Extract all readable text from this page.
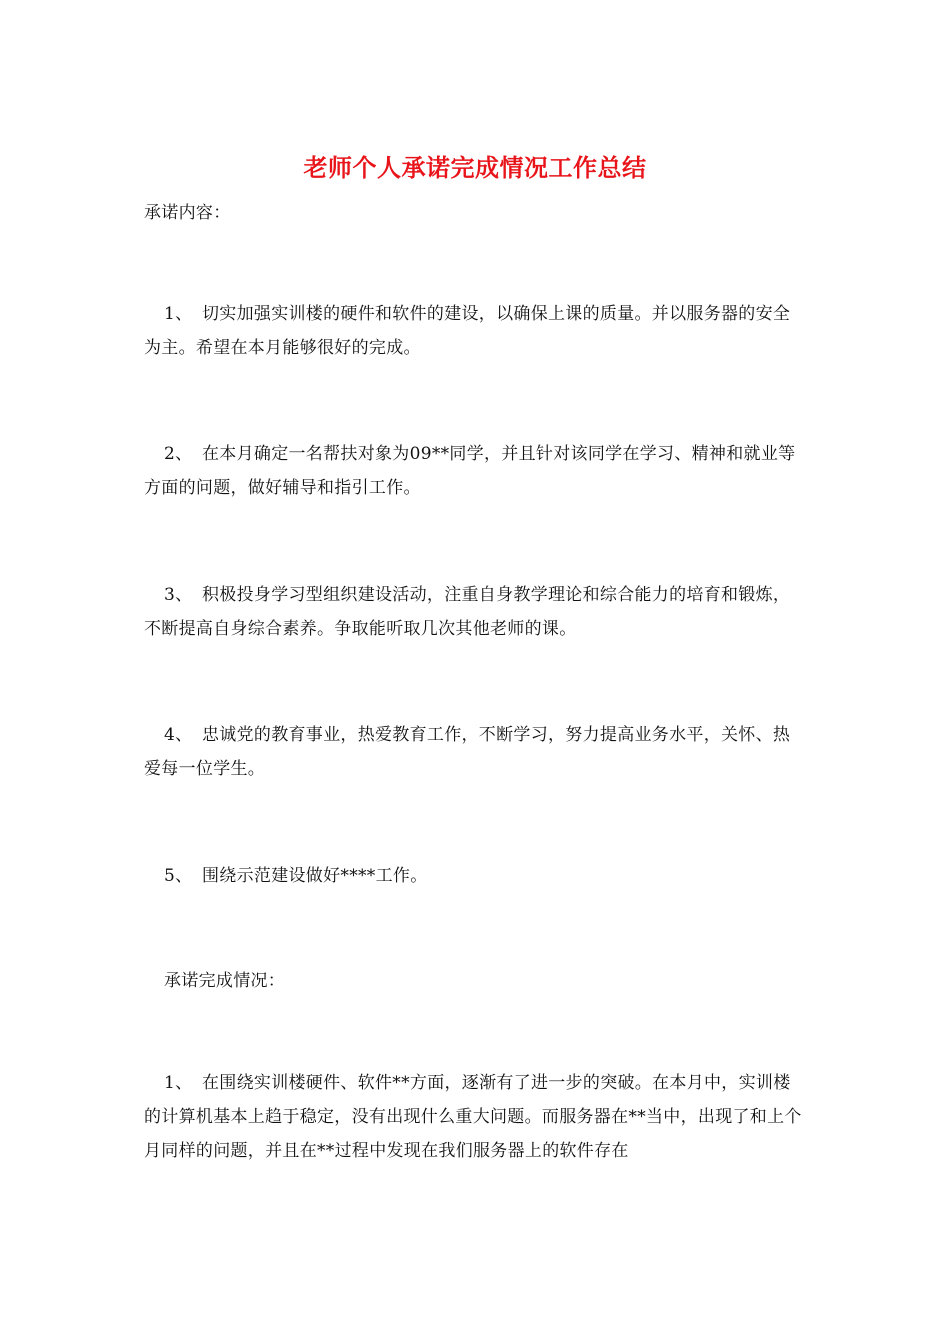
老师个人承诺完成情况工作总结

承诺内容：

1、 切实加强实训楼的硬件和软件的建设，以确保上课的质量。并以服务器的安全为主。希望在本月能够很好的完成。

2、 在本月确定一名帮扶对象为09**同学，并且针对该同学在学习、精神和就业等方面的问题，做好辅导和指引工作。

3、 积极投身学习型组织建设活动，注重自身教学理论和综合能力的培育和锻炼，不断提高自身综合素养。争取能听取几次其他老师的课。

4、 忠诚党的教育事业，热爱教育工作，不断学习，努力提高业务水平，关怀、热爱每一位学生。

5、 围绕示范建设做好****工作。

承诺完成情况：

1、 在围绕实训楼硬件、软件**方面，逐渐有了进一步的突破。在本月中，实训楼的计算机基本上趋于稳定，没有出现什么重大问题。而服务器在**当中，出现了和上个月同样的问题，并且在**过程中发现在我们服务器上的软件存在
